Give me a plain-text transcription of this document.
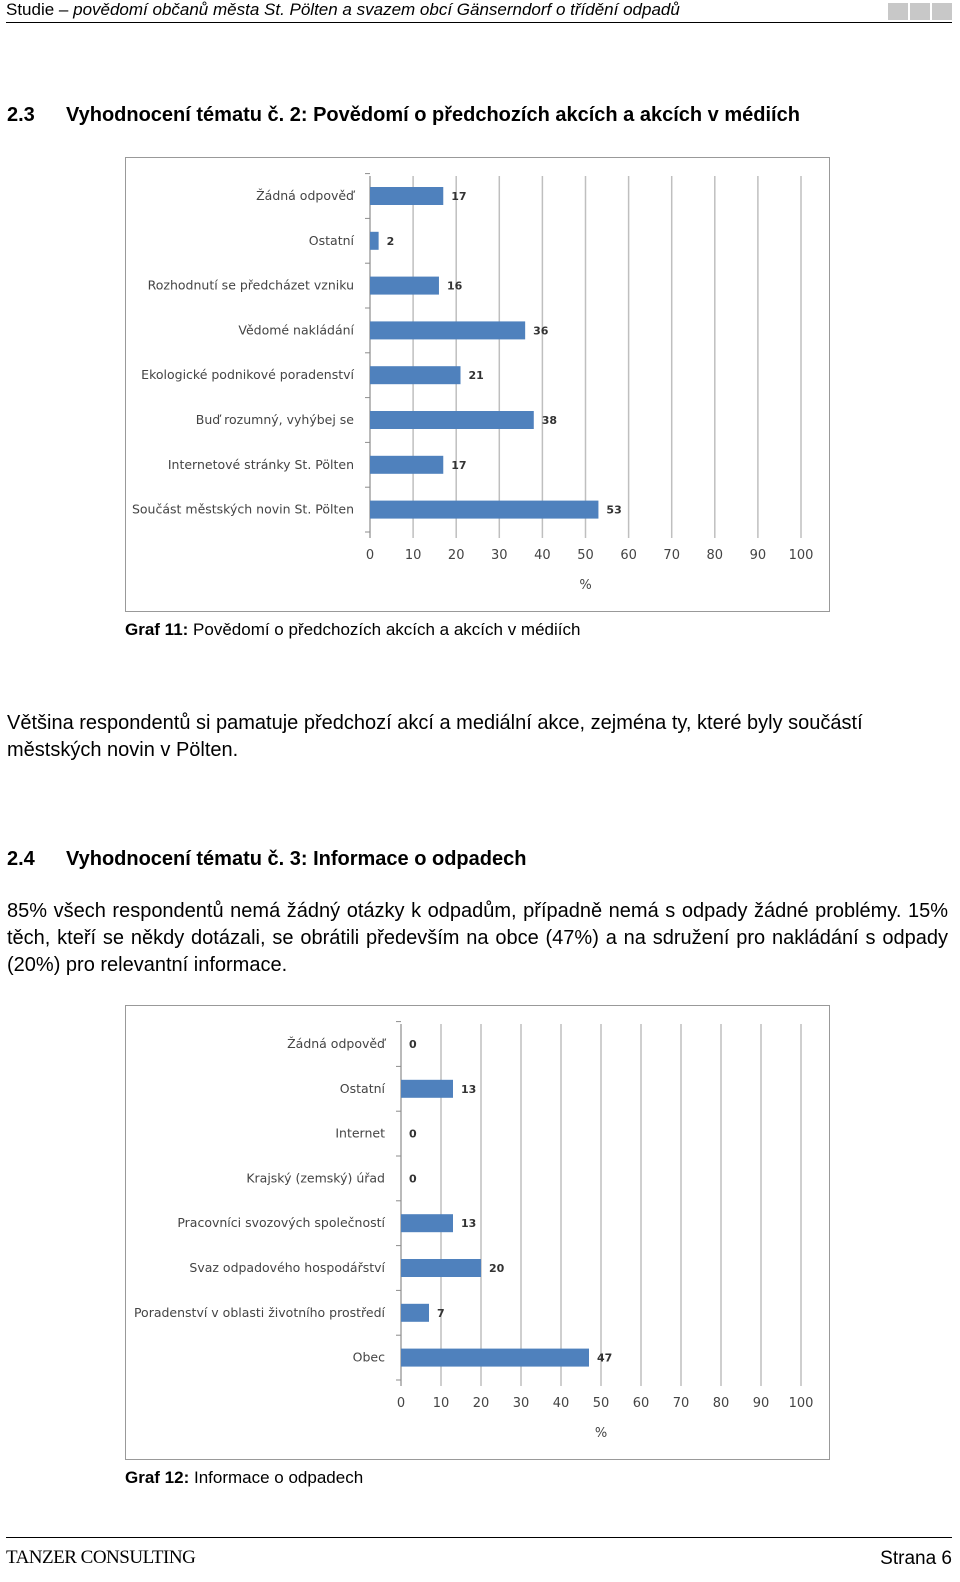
Studie – povědomí občanů města St. Pölten a svazem obcí Gänserndorf o třídění odpadů
2.3 Vyhodnocení tématu č. 2: Povědomí o předchozích akcích a akcích v médiích
0 10 20 30 40 50 60 70 80 90 100
Žádná odpověď	17
Ostatní	2
Rozhodnutí se předcházet vzniku	16
Vědomé nakládání	36
Ekologické podnikové poradenství	21
Buď rozumný, vyhýbej se	38
Internetové stránky St. Pölten	17
Součást městských novin St. Pölten	53
%
Graf 11: Povědomí o předchozích akcích a akcích v médiích
Většina respondentů si pamatuje předchozí akcí a mediální akce, zejména ty, které byly součástí městských novin v Pölten.
2.4 Vyhodnocení tématu č. 3: Informace o odpadech
85% všech respondentů nemá žádný otázky k odpadům, případně nemá s odpady žádné problémy. 15% těch, kteří se někdy dotázali, se obrátili především na obce (47%) a na sdružení pro nakládání s odpady (20%) pro relevantní informace.
0 10 20 30 40 50 60 70 80 90 100
Žádná odpověď 0
Ostatní	13
Internet 0
Krajský (zemský) úřad 0
Pracovníci svozových společností	13
Svaz odpadového hospodářství	20
Poradenství v oblasti životního prostředí	7
Obec	47
%
Graf 12: Informace o odpadech
TANZER CONSULTING	Strana 6
